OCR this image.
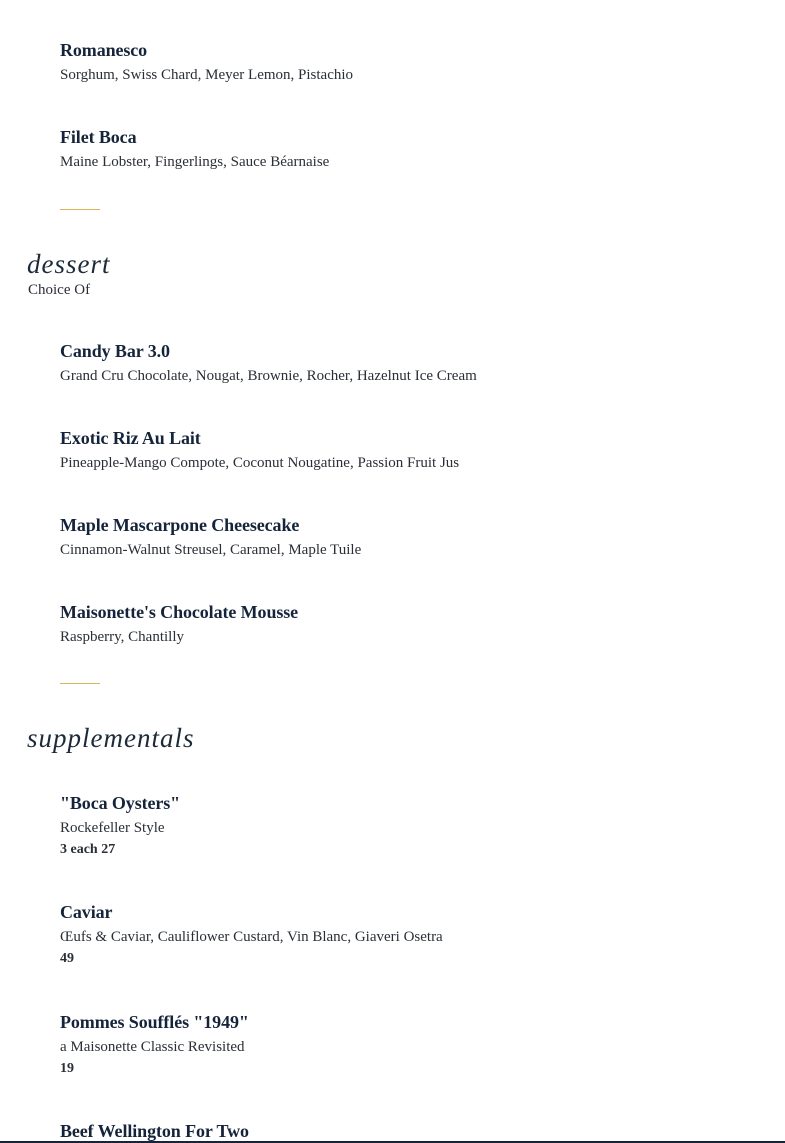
Romanesco
Sorghum, Swiss Chard, Meyer Lemon, Pistachio
Filet Boca
Maine Lobster, Fingerlings, Sauce Béarnaise
dessert
Choice Of
Candy Bar 3.0
Grand Cru Chocolate, Nougat, Brownie, Rocher, Hazelnut Ice Cream
Exotic Riz Au Lait
Pineapple-Mango Compote, Coconut Nougatine, Passion Fruit Jus
Maple Mascarpone Cheesecake
Cinnamon-Walnut Streusel, Caramel, Maple Tuile
Maisonette's Chocolate Mousse
Raspberry, Chantilly
supplementals
"Boca Oysters"
Rockefeller Style
3 each 27
Caviar
Œufs & Caviar, Cauliflower Custard, Vin Blanc, Giaveri Osetra
49
Pommes Soufflés "1949"
a Maisonette Classic Revisited
19
Beef Wellington For Two
